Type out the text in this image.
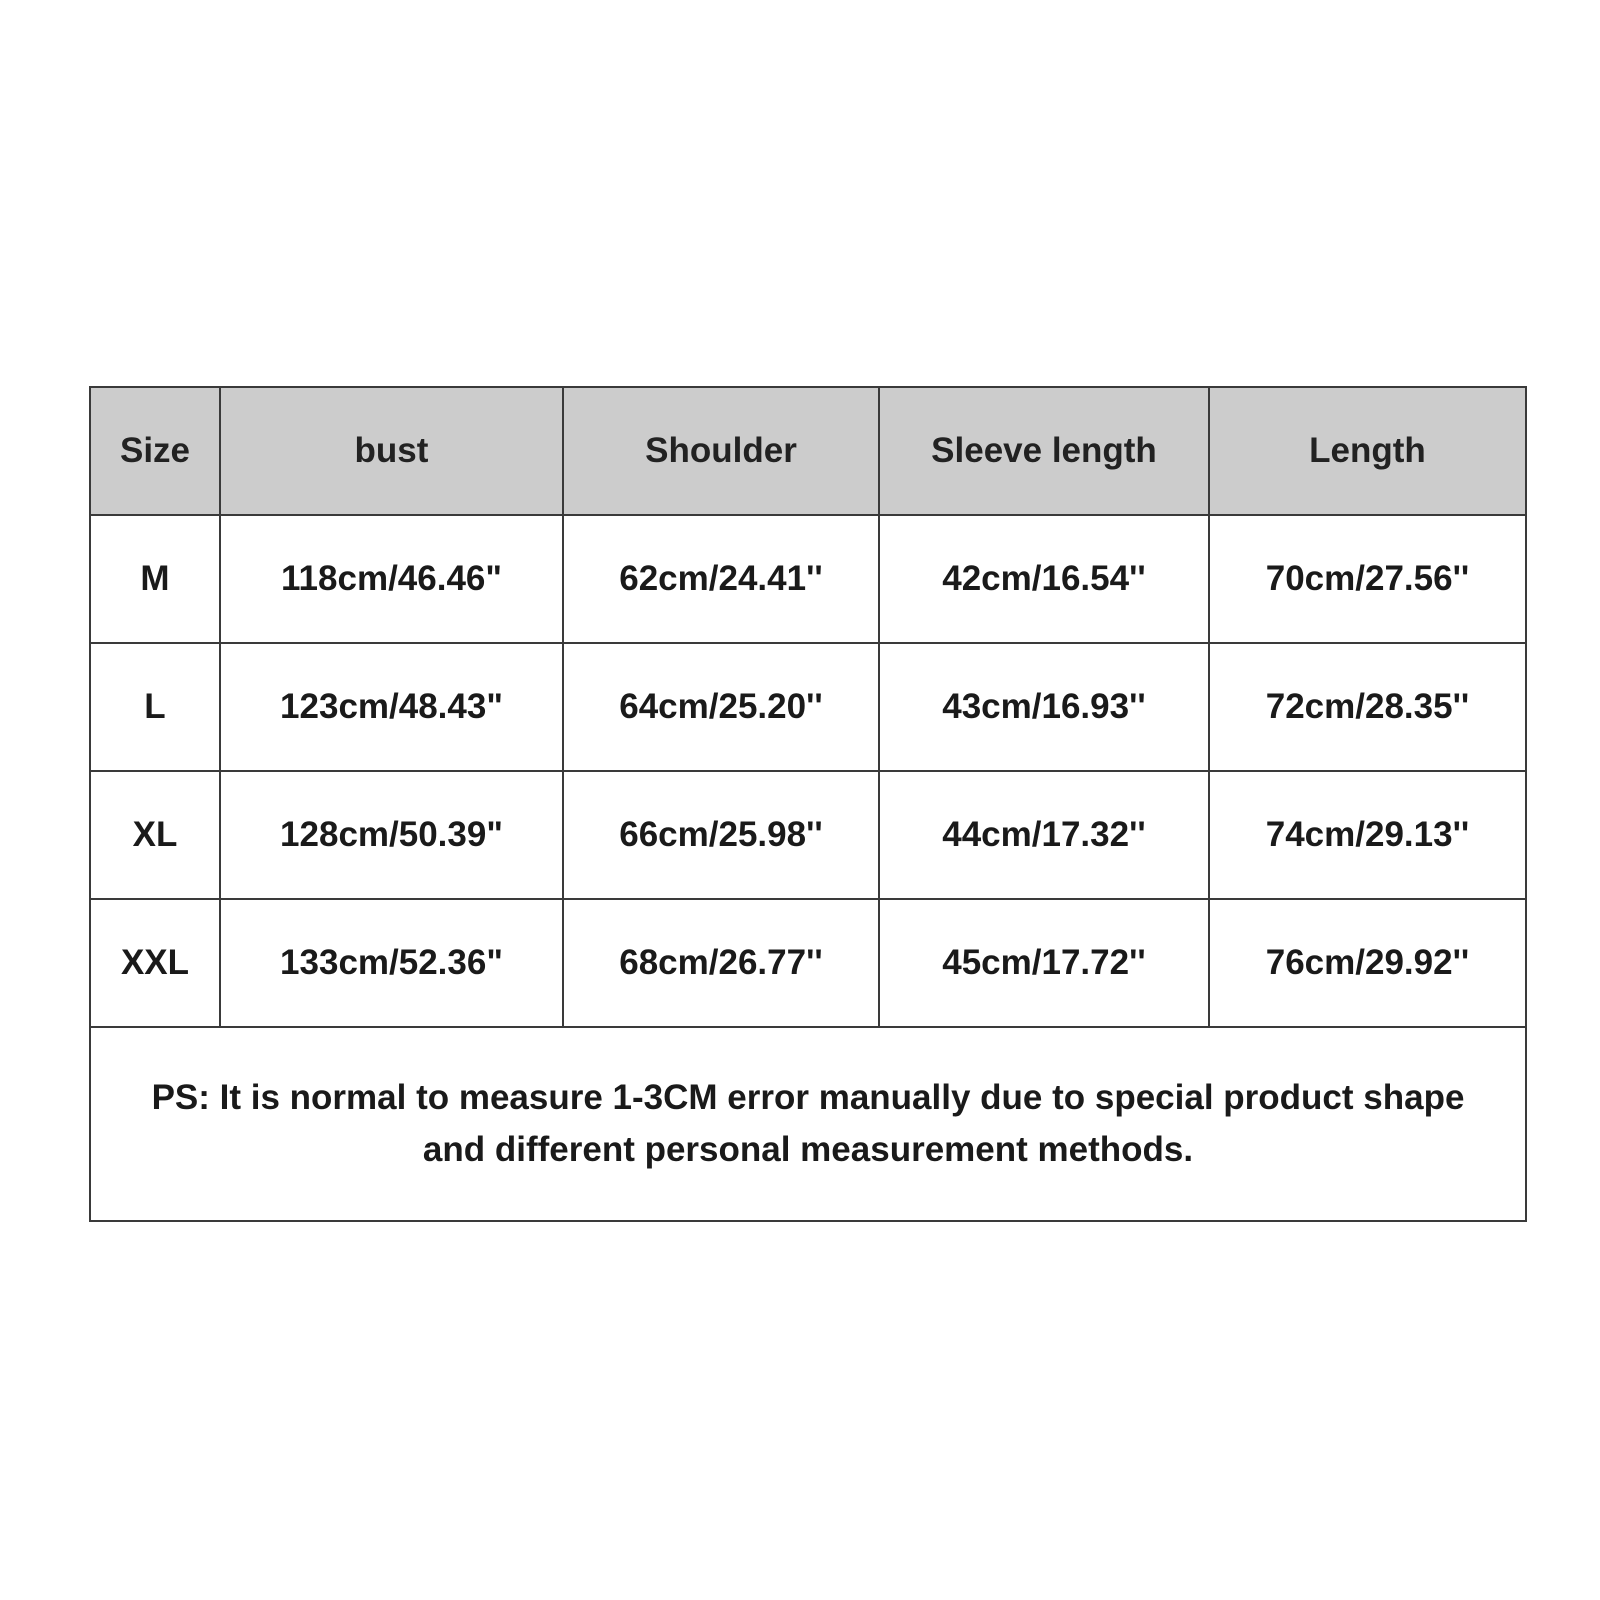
Size	bust	Shoulder	Sleeve length	Length
M	118cm/46.46"	62cm/24.41''	42cm/16.54''	70cm/27.56''
L	123cm/48.43"	64cm/25.20''	43cm/16.93''	72cm/28.35''
XL	128cm/50.39"	66cm/25.98''	44cm/17.32''	74cm/29.13''
XXL	133cm/52.36"	68cm/26.77''	45cm/17.72''	76cm/29.92''

PS: It is normal to measure 1-3CM error manually due to special product shape
and different personal measurement methods.				
